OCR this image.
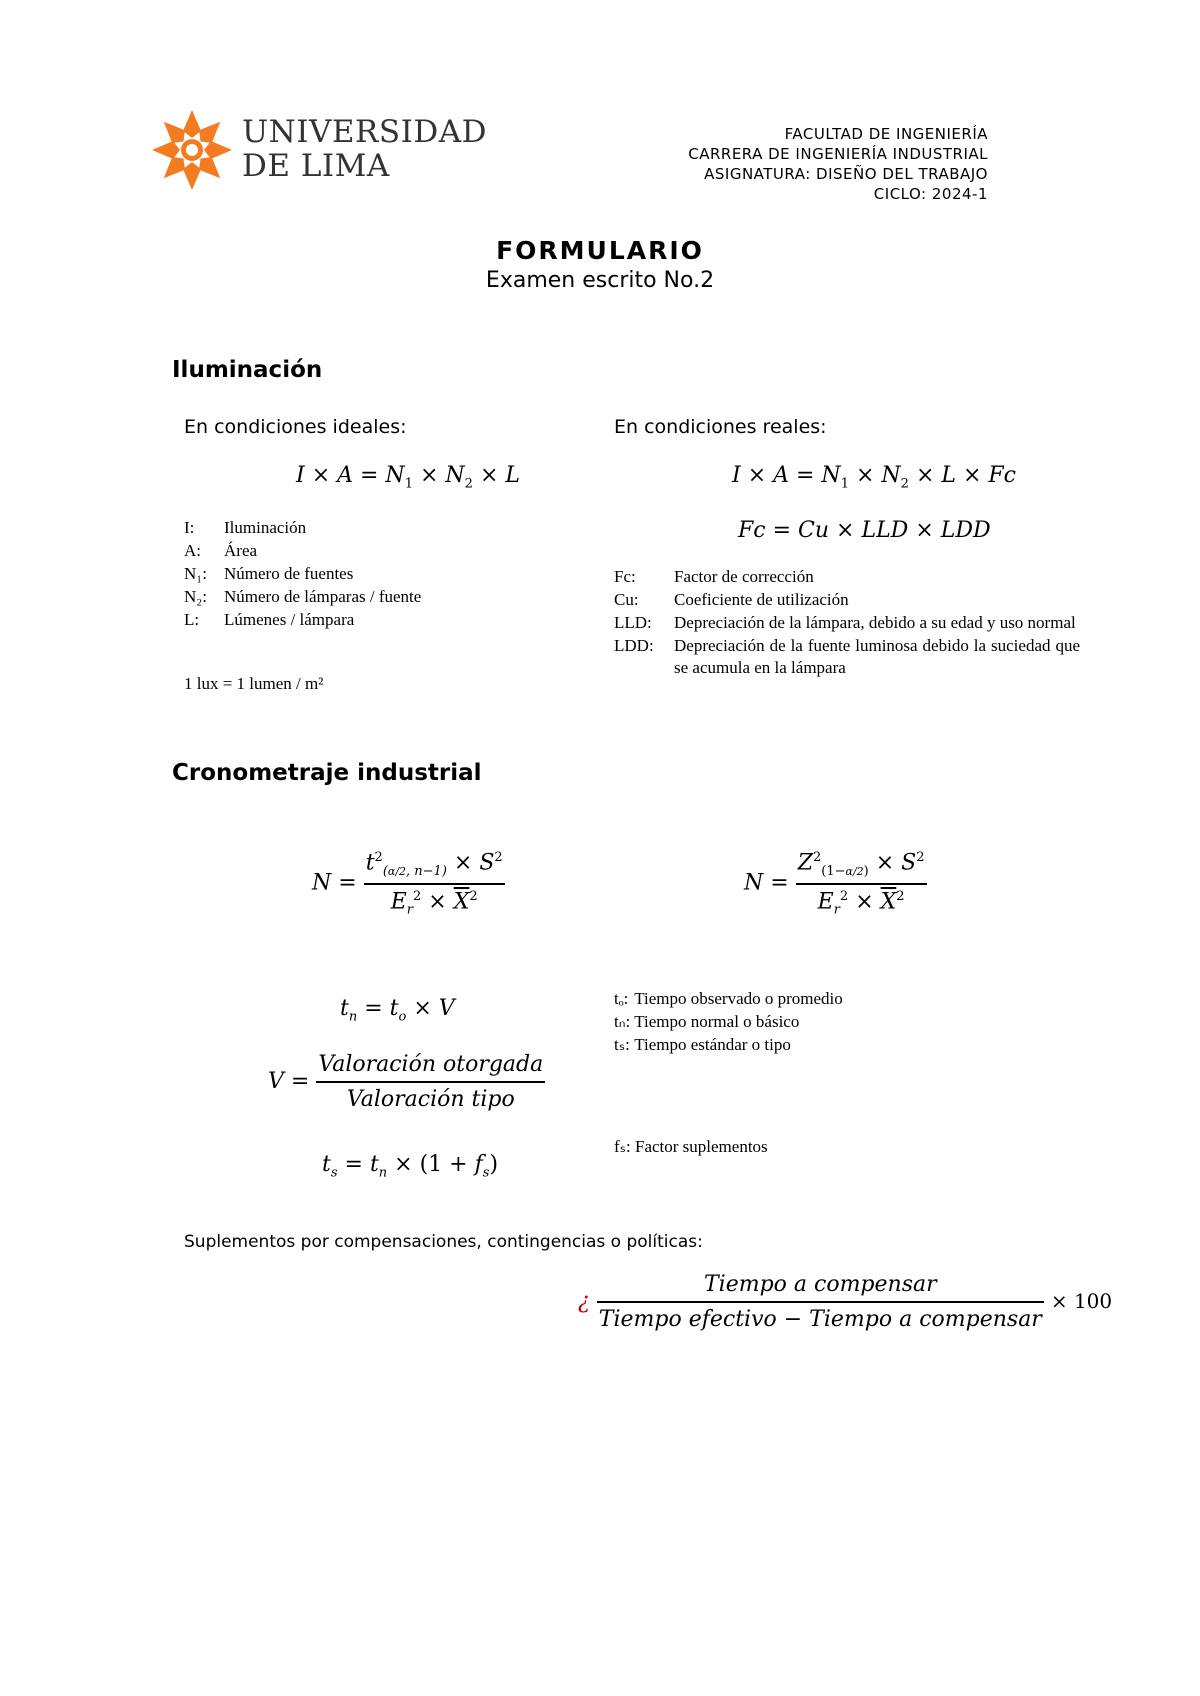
UNIVERSIDAD
DE LIMA
FACULTAD DE INGENIERÍA
CARRERA DE INGENIERÍA INDUSTRIAL
ASIGNATURA: DISEÑO DEL TRABAJO
CICLO: 2024-1
FORMULARIO
Examen escrito No.2
Iluminación
En condiciones ideales:	En condiciones reales:
$I \times A = N_1 \times N_2 \times L$	$I \times A = N_1 \times N_2 \times L \times Fc$
Fc = Cu × LLD × LDD
I:	Iluminación
A:	Área
N₁:	Número de fuentes
N₂:	Número de lámparas / fuente
L:	Lúmenes / lámpara
1 lux = 1 lumen / m²
Fc:	Factor de corrección
Cu:	Coeficiente de utilización
LLD:	Depreciación de la lámpara, debido a su edad y uso normal
LDD:	Depreciación de la fuente luminosa debido la suciedad que se acumula en la lámpara
Cronometraje industrial
$N = \frac{t^2_{(\alpha/2, n-1)} \times S^2}{E_r^2 \times \overline{X}^2}$	$N = \frac{Z^2_{(1-\alpha/2)} \times S^2}{E_r^2 \times \overline{X}^2}$
$t_n = t_o \times V$
$V = \frac{\text{Valoración otorgada}}{\text{Valoración tipo}}$
$t_s = t_n \times (1 + f_s)$
tₒ:	Tiempo observado o promedio
tₙ:	Tiempo normal o básico
tₛ:	Tiempo estándar o tipo
fₛ: Factor suplementos
Suplementos por compensaciones, contingencias o políticas:
¿ $\frac{\text{Tiempo a compensar}}{\text{Tiempo efectivo − Tiempo a compensar}} \times 100$
